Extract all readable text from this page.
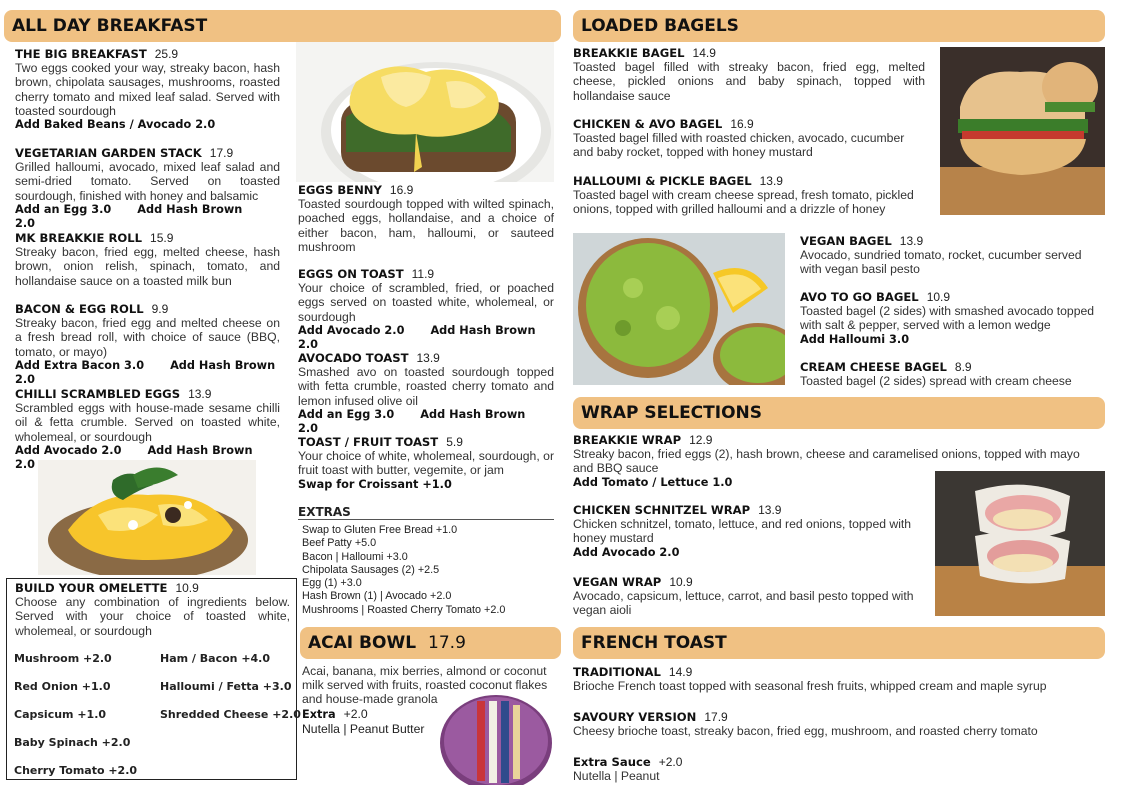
ALL DAY BREAKFAST	LOADED BAGELS
WRAP SELECTIONS
ACAI BOWL 17.9	FRENCH TOAST
THE BIG BREAKFAST 25.9
Two eggs cooked your way, streaky bacon, hash brown, chipolata sausages, mushrooms, roasted cherry tomato and mixed leaf salad. Served with toasted sourdough
Add Baked Beans / Avocado 2.0
VEGETARIAN GARDEN STACK 17.9
Grilled halloumi, avocado, mixed leaf salad and semi-dried tomato. Served on toasted sourdough, finished with honey and balsamic
Add an Egg 3.0 Add Hash Brown 2.0
MK BREAKKIE ROLL 15.9
Streaky bacon, fried egg, melted cheese, hash brown, onion relish, spinach, tomato, and hollandaise sauce on a toasted milk bun
BACON & EGG ROLL 9.9
Streaky bacon, fried egg and melted cheese on a fresh bread roll, with choice of sauce (BBQ, tomato, or mayo)
Add Extra Bacon 3.0 Add Hash Brown 2.0
CHILLI SCRAMBLED EGGS 13.9
Scrambled eggs with house-made sesame chilli oil & fetta crumble. Served on toasted white, wholemeal, or sourdough
Add Avocado 2.0 Add Hash Brown 2.0
BUILD YOUR OMELETTE 10.9
Choose any combination of ingredients below. Served with your choice of toasted white, wholemeal, or sourdough
Mushroom +2.0	Ham / Bacon +4.0
Red Onion +1.0	Halloumi / Fetta +3.0
Capsicum +1.0	Shredded Cheese +2.0
Baby Spinach +2.0
Cherry Tomato +2.0
EGGS BENNY 16.9
Toasted sourdough topped with wilted spinach, poached eggs, hollandaise, and a choice of either bacon, ham, halloumi, or sauteed mushroom
EGGS ON TOAST 11.9
Your choice of scrambled, fried, or poached eggs served on toasted white, wholemeal, or sourdough
Add Avocado 2.0 Add Hash Brown 2.0
AVOCADO TOAST 13.9
Smashed avo on toasted sourdough topped with fetta crumble, roasted cherry tomato and lemon infused olive oil
Add an Egg 3.0 Add Hash Brown 2.0
TOAST / FRUIT TOAST 5.9
Your choice of white, wholemeal, sourdough, or fruit toast with butter, vegemite, or jam
Swap for Croissant +1.0
EXTRAS
Swap to Gluten Free Bread +1.0
Beef Patty +5.0
Bacon | Halloumi +3.0
Chipolata Sausages (2) +2.5
Egg (1) +3.0
Hash Brown (1) | Avocado +2.0
Mushrooms | Roasted Cherry Tomato +2.0
Acai, banana, mix berries, almond or coconut milk served with fruits, roasted coconut flakes and house-made granola
Extra +2.0
Nutella | Peanut Butter
BREAKKIE BAGEL 14.9
Toasted bagel filled with streaky bacon, fried egg, melted cheese, pickled onions and baby spinach, topped with hollandaise sauce
CHICKEN & AVO BAGEL 16.9
Toasted bagel filled with roasted chicken, avocado, cucumber and baby rocket, topped with honey mustard
HALLOUMI & PICKLE BAGEL 13.9
Toasted bagel with cream cheese spread, fresh tomato, pickled onions, topped with grilled halloumi and a drizzle of honey
VEGAN BAGEL 13.9
Avocado, sundried tomato, rocket, cucumber served with vegan basil pesto
AVO TO GO BAGEL 10.9
Toasted bagel (2 sides) with smashed avocado topped with salt & pepper, served with a lemon wedge
Add Halloumi 3.0
CREAM CHEESE BAGEL 8.9
Toasted bagel (2 sides) spread with cream cheese
BREAKKIE WRAP 12.9
Streaky bacon, fried eggs (2), hash brown, cheese and caramelised onions, topped with mayo and BBQ sauce
Add Tomato / Lettuce 1.0
CHICKEN SCHNITZEL WRAP 13.9
Chicken schnitzel, tomato, lettuce, and red onions, topped with honey mustard
Add Avocado 2.0
VEGAN WRAP 10.9
Avocado, capsicum, lettuce, carrot, and basil pesto topped with vegan aioli
TRADITIONAL 14.9
Brioche French toast topped with seasonal fresh fruits, whipped cream and maple syrup
SAVOURY VERSION 17.9
Cheesy brioche toast, streaky bacon, fried egg, mushroom, and roasted cherry tomato
Extra Sauce +2.0
Nutella | Peanut
